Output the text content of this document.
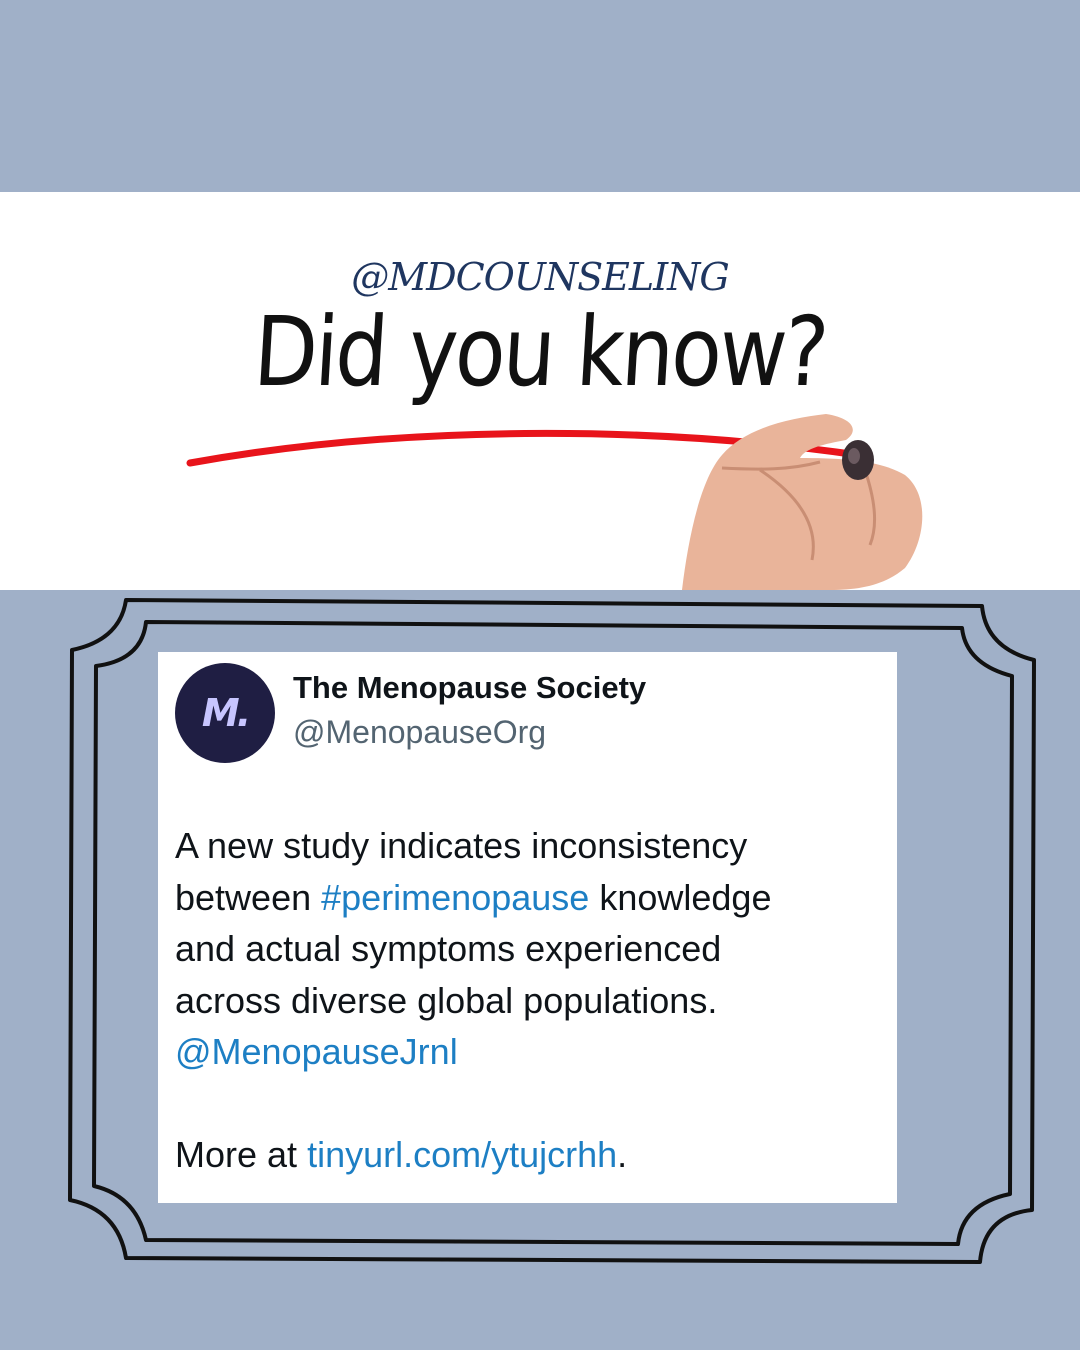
@MDCOUNSELING
Did you know?
M.
The Menopause Society
@MenopauseOrg
A new study indicates inconsistency
between #perimenopause knowledge
and actual symptoms experienced
across diverse global populations.
@MenopauseJrnl
More at tinyurl.com/ytujcrhh.
